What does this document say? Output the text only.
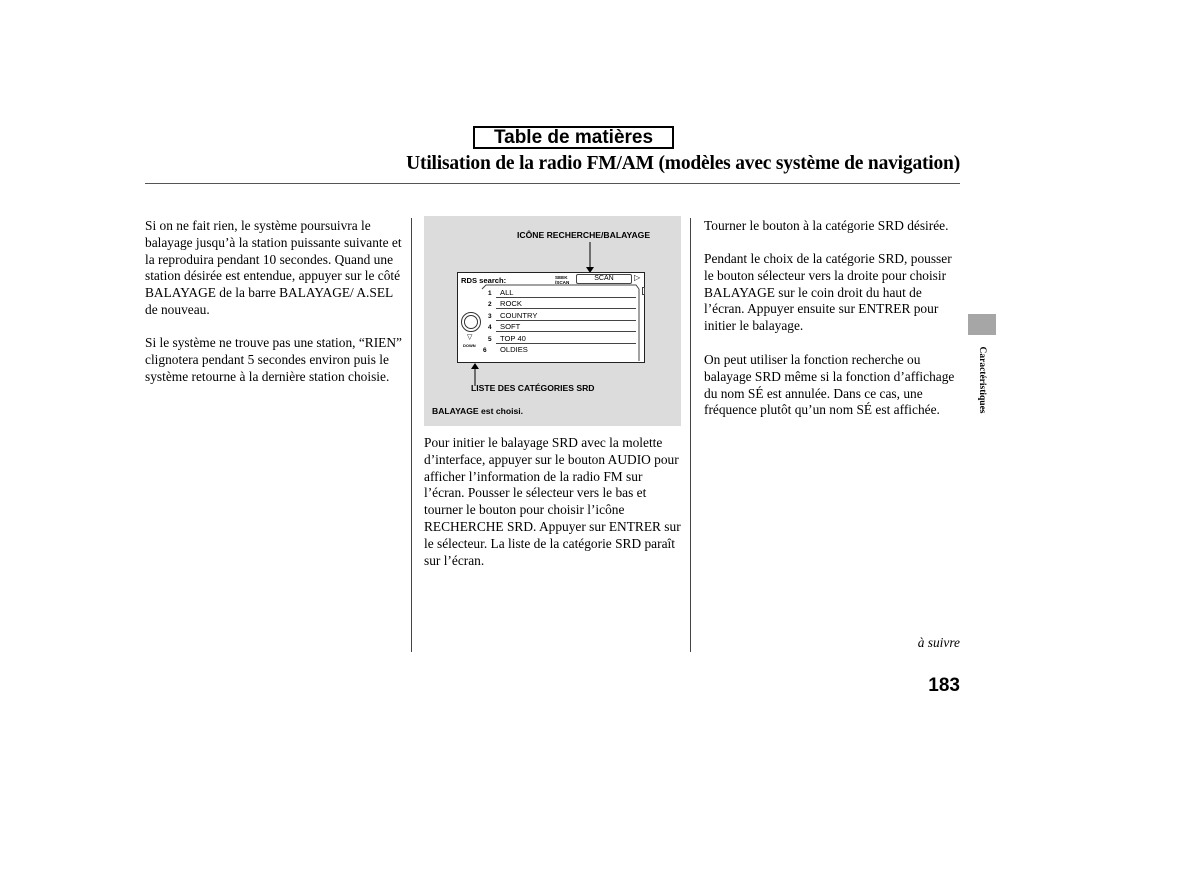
Table de matières
Utilisation de la radio FM/AM (modèles avec système de navigation)

Si on ne fait rien, le système poursuivra le balayage jusqu’à la station puissante suivante et la reproduira pendant 10 secondes. Quand une station désirée est entendue, appuyer sur le côté BALAYAGE de la barre BALAYAGE/ A.SEL de nouveau.

Si le système ne trouve pas une station, “RIEN” clignotera pendant 5 secondes environ puis le système retourne à la dernière station choisie.

ICÔNE RECHERCHE/BALAYAGE
RDS search:	SEEK
/SCAN
SCAN	▷
1	ALL
2	ROCK
3	COUNTRY
4	SOFT
5	TOP 40
6	OLDIES
▽
DOWN
LISTE DES CATÉGORIES SRD
BALAYAGE est choisi.

Pour initier le balayage SRD avec la molette d’interface, appuyer sur le bouton AUDIO pour afficher l’information de la radio FM sur l’écran. Pousser le sélecteur vers le bas et tourner le bouton pour choisir l’icône RECHERCHE SRD. Appuyer sur ENTRER sur le sélecteur. La liste de la catégorie SRD paraît sur l’écran.

Tourner le bouton à la catégorie SRD désirée.

Pendant le choix de la catégorie SRD, pousser le bouton sélecteur vers la droite pour choisir BALAYAGE sur le coin droit du haut de l’écran. Appuyer ensuite sur ENTRER pour initier le balayage.

On peut utiliser la fonction recherche ou balayage SRD même si la fonction d’affichage du nom SÉ est annulée. Dans ce cas, une fréquence plutôt qu’un nom SÉ est affichée.	Caractéristiques
à suivre
183
